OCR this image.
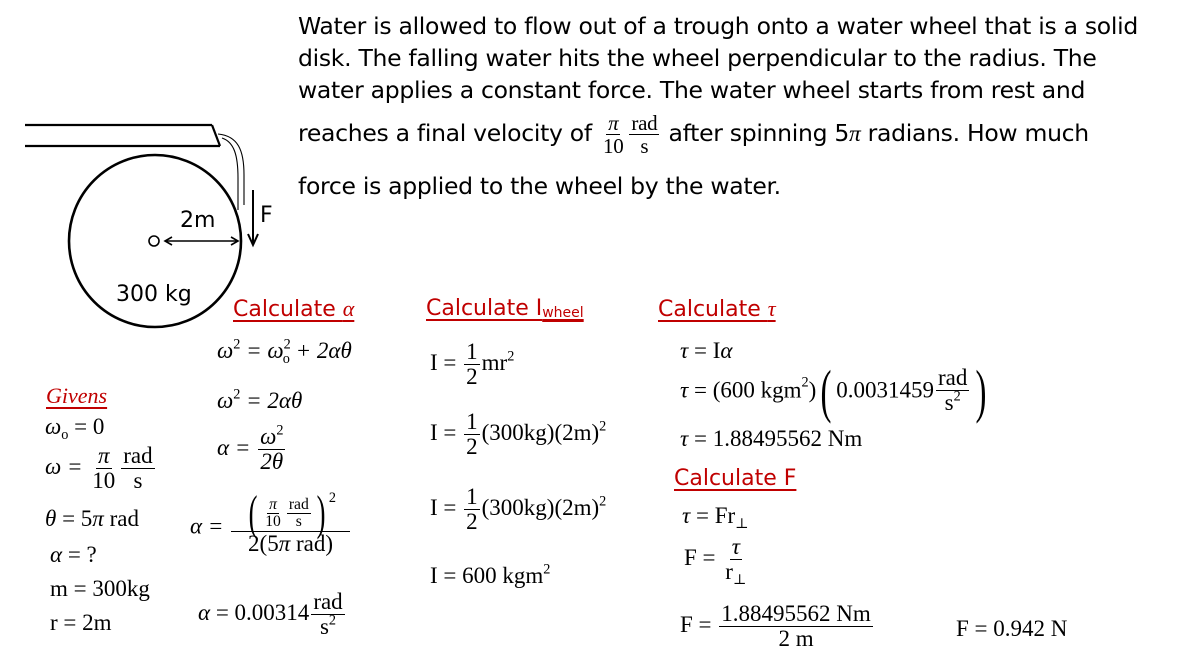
2m F
300 kg
Water is allowed to flow out of a trough onto a water wheel that is a solid
disk. The falling water hits the wheel perpendicular to the radius. The
water applies a constant force. The water wheel starts from rest and
reaches a final velocity of $\frac{\pi}{10} \frac{\text{rad}}{s}$ after spinning 5π radians. How much
force is applied to the wheel by the water.
Givens
$\omega_o = 0$
$\omega = \frac{\pi}{10} \frac{\text{rad}}{s}$
θ = 5π rad
α = ?
m = 300kg
r = 2m
Calculate α
$\omega^2 = \omega^2_o + 2\alpha\theta$
$\omega^2 = 2\alpha\theta$
$\alpha = \frac{\omega^2}{2\theta}$
$\alpha = \frac{( \frac{\pi}{10} \frac{\text{rad}}{s} ) ^2}{\text{2(5π rad)}}$
$\alpha = 0.00314 \frac{\text{rad}}{s^2}$
Calculate $I_{wheel}$
$I = \frac{1}{2} mr^2$
$I = \frac{1}{2} (300kg)(2m)^2$
$I = \frac{1}{2} (300kg)(2m)^2$
I = 600 kgm$^2$
Calculate τ
τ = Iα
τ = (600 kgm$^2$)( $0.0031459 \frac{\text{rad}}{s^2}$ )
τ = 1.88495562 Nm
Calculate F
$\tau = Fr_\perp$
$F = \frac{\tau}{r_\perp}$
$F = \frac{1.88495562 Nm}{2 m}$	F = 0.942 N
